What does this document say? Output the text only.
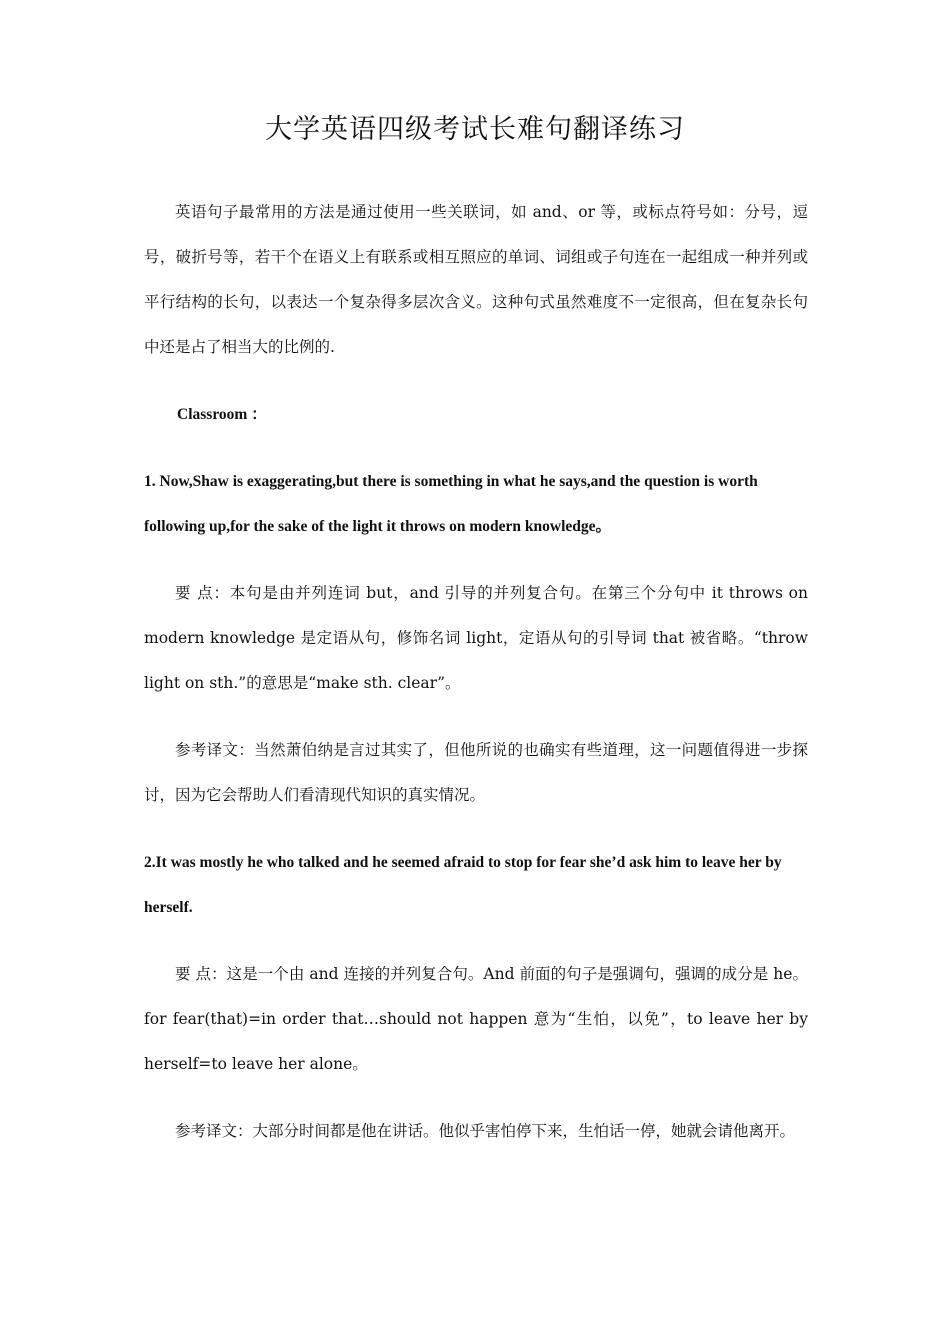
大学英语四级考试长难句翻译练习

英语句子最常用的方法是通过使用一些关联词，如 and、or 等，或标点符号如：分号，逗号，破折号等，若干个在语义上有联系或相互照应的单词、词组或子句连在一起组成一种并列或平行结构的长句，以表达一个复杂得多层次含义。这种句式虽然难度不一定很高，但在复杂长句中还是占了相当大的比例的.

Classroom ：

1. Now,Shaw is exaggerating,but there is something in what he says,and the question is worth following up,for the sake of the light it throws on modern knowledge。

要 点：本句是由并列连词 but，and 引导的并列复合句。在第三个分句中 it throws on modern knowledge 是定语从句，修饰名词 light，定语从句的引导词 that 被省略。“throw light on sth.”的意思是“make sth. clear”。

参考译文：当然萧伯纳是言过其实了，但他所说的也确实有些道理，这一问题值得进一步探讨，因为它会帮助人们看清现代知识的真实情况。

2.It was mostly he who talked and he seemed afraid to stop for fear she’d ask him to leave her by herself.

要 点：这是一个由 and 连接的并列复合句。And 前面的句子是强调句，强调的成分是 he。for fear(that)=in order that…should not happen 意为“生怕，以免”，to leave her by herself=to leave her alone。

参考译文：大部分时间都是他在讲话。他似乎害怕停下来，生怕话一停，她就会请他离开。
